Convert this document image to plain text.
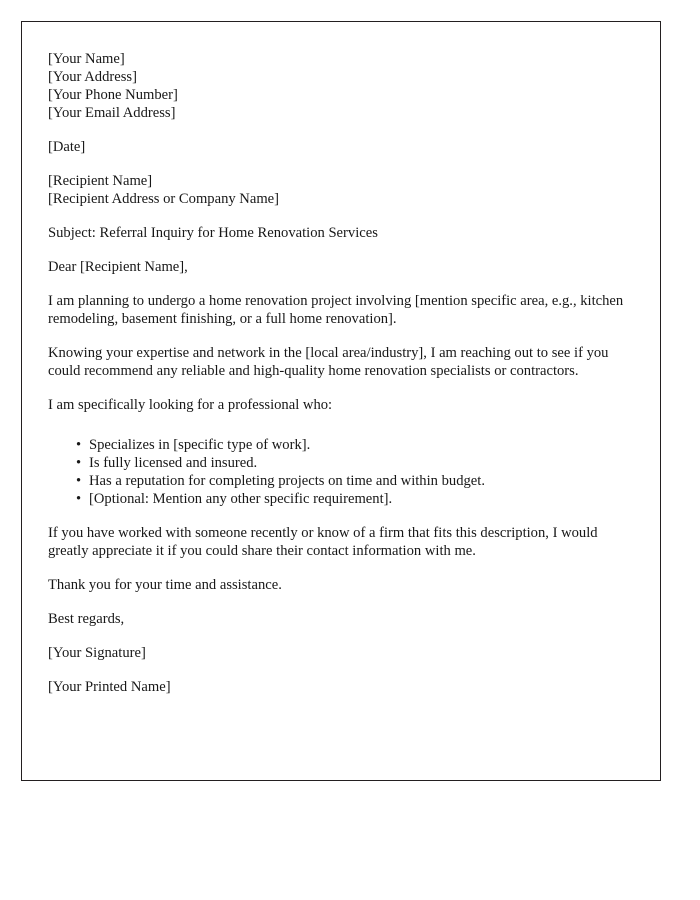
[Your Name]

[Your Address]

[Your Phone Number]

[Your Email Address]

[Date]

[Recipient Name]

[Recipient Address or Company Name]

Subject: Referral Inquiry for Home Renovation Services

Dear [Recipient Name],

I am planning to undergo a home renovation project involving [mention specific area, e.g., kitchen remodeling, basement finishing, or a full home renovation].

Knowing your expertise and network in the [local area/industry], I am reaching out to see if you could recommend any reliable and high-quality home renovation specialists or contractors.

I am specifically looking for a professional who:

• Specializes in [specific type of work].
• Is fully licensed and insured.
• Has a reputation for completing projects on time and within budget.
• [Optional: Mention any other specific requirement].

If you have worked with someone recently or know of a firm that fits this description, I would greatly appreciate it if you could share their contact information with me.

Thank you for your time and assistance.

Best regards,

[Your Signature]

[Your Printed Name]
